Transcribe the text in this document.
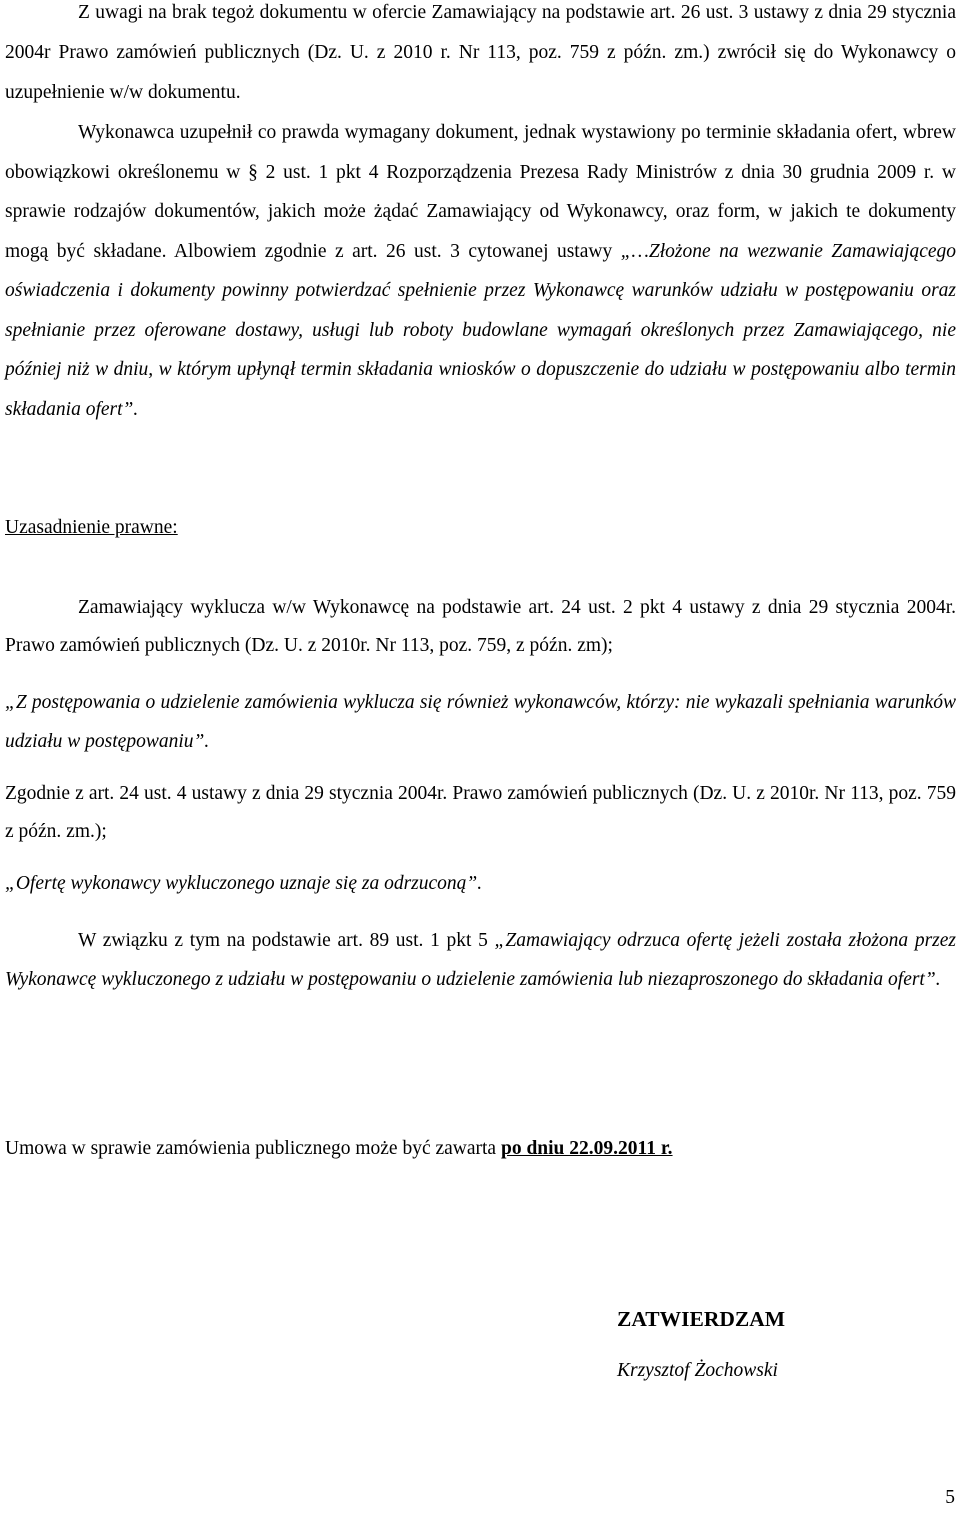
Z uwagi na brak tegoż dokumentu w ofercie Zamawiający na podstawie art. 26 ust. 3 ustawy z dnia 29 stycznia 2004r Prawo zamówień publicznych (Dz. U. z 2010 r. Nr 113, poz. 759 z późn. zm.) zwrócił się do Wykonawcy o uzupełnienie w/w dokumentu.

Wykonawca uzupełnił co prawda wymagany dokument, jednak wystawiony po terminie składania ofert, wbrew obowiązkowi określonemu w § 2 ust. 1 pkt 4 Rozporządzenia Prezesa Rady Ministrów z dnia 30 grudnia 2009 r. w sprawie rodzajów dokumentów, jakich może żądać Zamawiający od Wykonawcy, oraz form, w jakich te dokumenty mogą być składane. Albowiem zgodnie z art. 26 ust. 3 cytowanej ustawy „…Złożone na wezwanie Zamawiającego oświadczenia i dokumenty powinny potwierdzać spełnienie przez Wykonawcę warunków udziału w postępowaniu oraz spełnianie przez oferowane dostawy, usługi lub roboty budowlane wymagań określonych przez Zamawiającego, nie później niż w dniu, w którym upłynął termin składania wniosków o dopuszczenie do udziału w postępowaniu albo termin składania ofert”.

Uzasadnienie prawne:

Zamawiający wyklucza w/w Wykonawcę na podstawie art. 24 ust. 2 pkt 4 ustawy z dnia 29 stycznia 2004r. Prawo zamówień publicznych (Dz. U. z 2010r. Nr 113, poz. 759, z późn. zm);

„Z postępowania o udzielenie zamówienia wyklucza się również wykonawców, którzy: nie wykazali spełniania warunków udziału w postępowaniu”.

Zgodnie z art. 24 ust. 4 ustawy z dnia 29 stycznia 2004r. Prawo zamówień publicznych (Dz. U. z 2010r. Nr 113, poz. 759 z późn. zm.);

„Ofertę wykonawcy wykluczonego uznaje się za odrzuconą”.

W związku z tym na podstawie art. 89 ust. 1 pkt 5 „Zamawiający odrzuca ofertę jeżeli została złożona przez Wykonawcę wykluczonego z udziału w postępowaniu o udzielenie zamówienia lub niezaproszonego do składania ofert”.

Umowa w sprawie zamówienia publicznego może być zawarta po dniu 22.09.2011 r.

ZATWIERDZAM
Krzysztof Żochowski
5
